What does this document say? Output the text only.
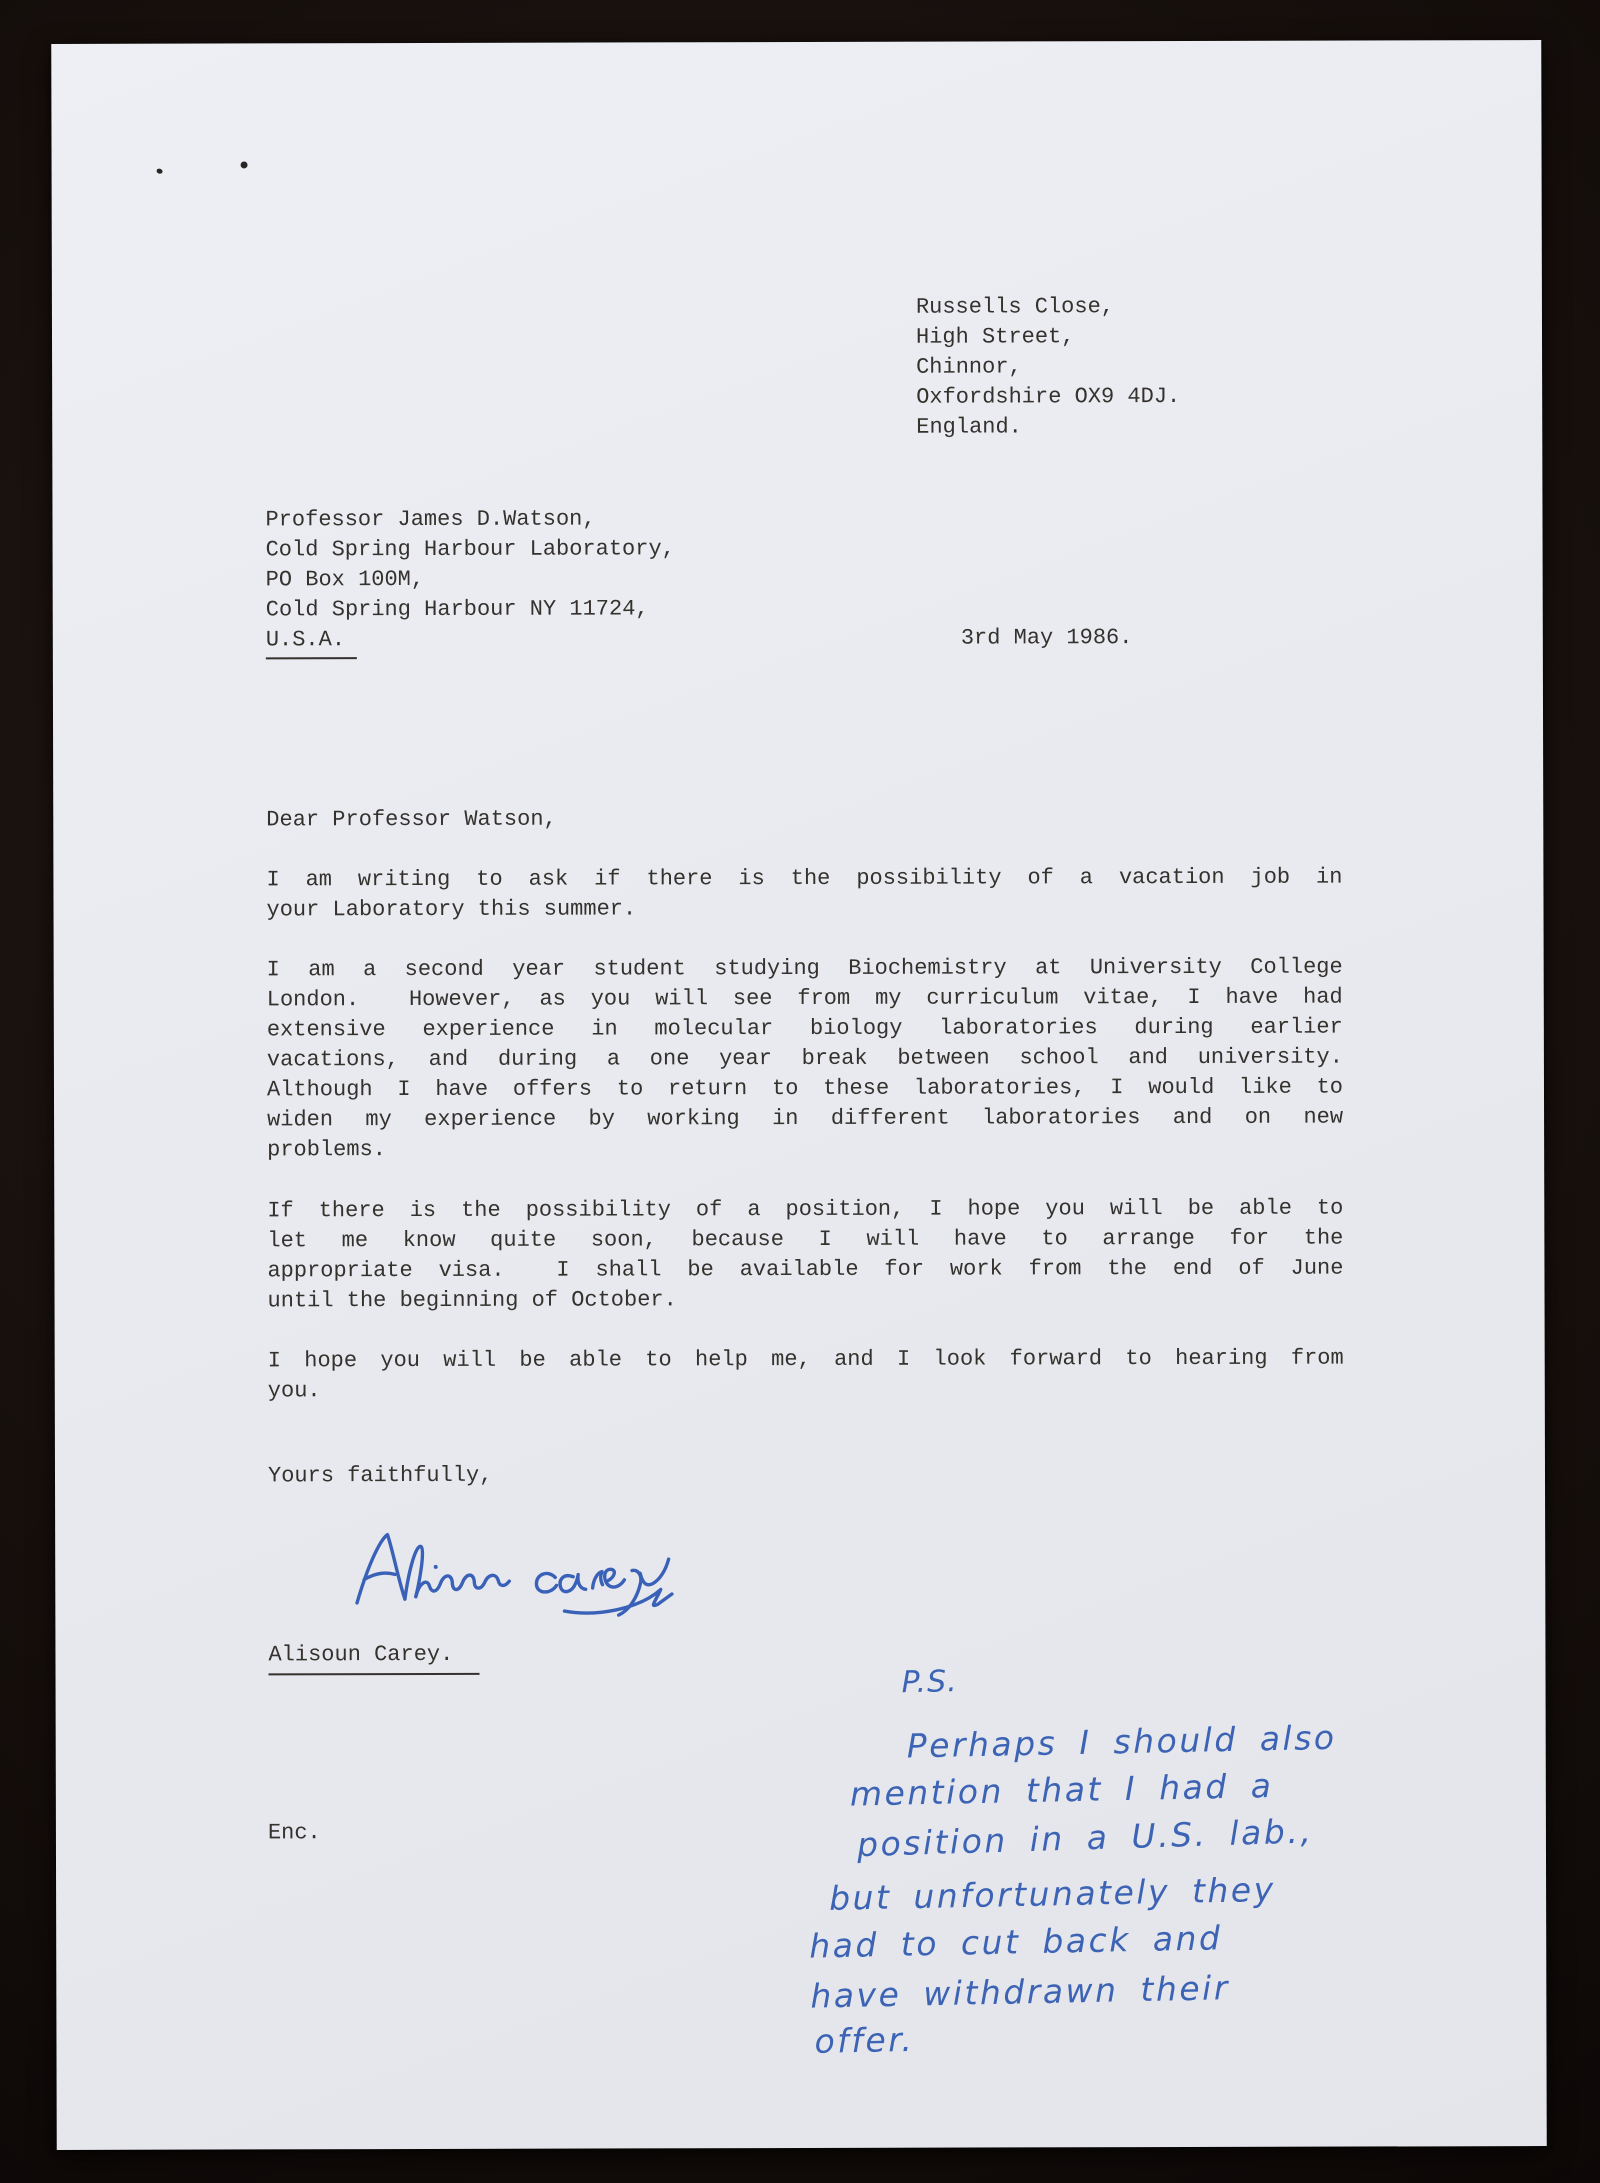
Russells Close,
High Street,
Chinnor,
Oxfordshire OX9 4DJ.
England.
Professor James D.Watson,
Cold Spring Harbour Laboratory,
PO Box 100M,
Cold Spring Harbour NY 11724,
U.S.A.	3rd May 1986.
Dear Professor Watson,
I am writing to ask if there is the possibility of a vacation job in
your Laboratory this summer.
I am a second year student studying Biochemistry at University College
London.  However, as you will see from my curriculum vitae, I have had
extensive experience in molecular biology laboratories during earlier
vacations, and during a one year break between school and university.
Although I have offers to return to these laboratories, I would like to
widen my experience by working in different laboratories and on new
problems.
If there is the possibility of a position, I hope you will be able to
let me know quite soon, because I will have to arrange for the
appropriate visa.  I shall be available for work from the end of June
until the beginning of October.
I hope you will be able to help me, and I look forward to hearing from
you.
Yours faithfully,
Alisoun Carey.
Enc.
P.S.
Perhaps I should also
mention that I had a
position in a U.S. lab.,
but unfortunately they
had to cut back and
have withdrawn their
offer.
